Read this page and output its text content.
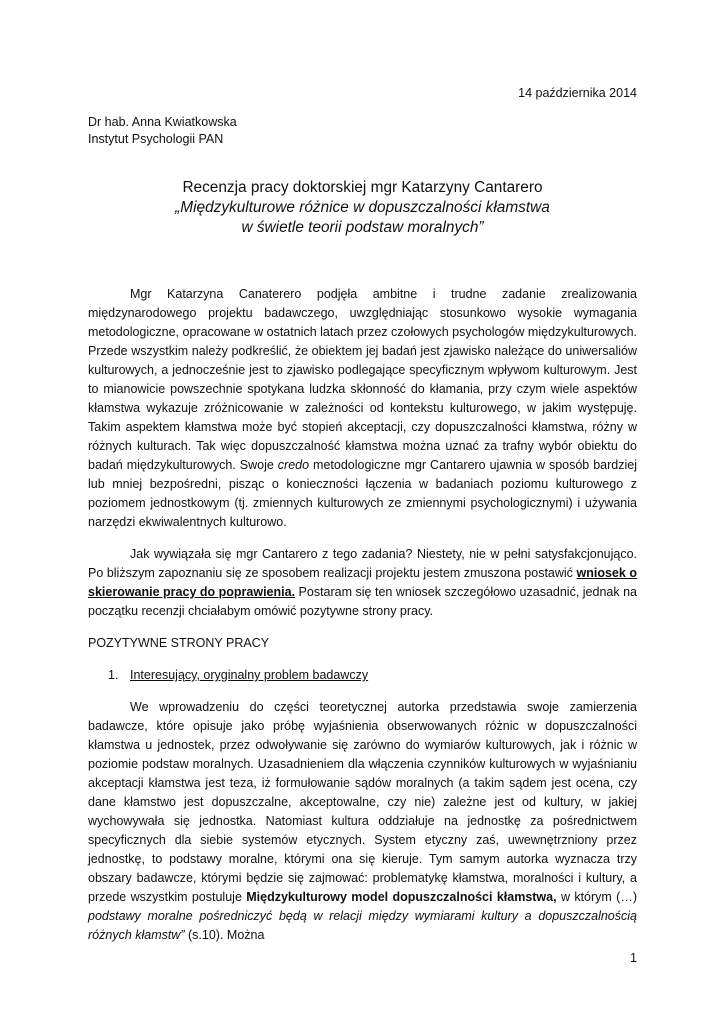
14 października 2014
Dr hab. Anna Kwiatkowska
Instytut Psychologii PAN
Recenzja pracy doktorskiej mgr Katarzyny Cantarero
„Międzykulturowe różnice w dopuszczalności kłamstwa
w świetle teorii podstaw moralnych”

Mgr Katarzyna Canaterero podjęła ambitne i trudne zadanie zrealizowania międzynarodowego projektu badawczego, uwzględniając stosunkowo wysokie wymagania metodologiczne, opracowane w ostatnich latach przez czołowych psychologów międzykulturowych. Przede wszystkim należy podkreślić, że obiektem jej badań jest zjawisko należące do uniwersaliów kulturowych, a jednocześnie jest to zjawisko podlegające specyficznym wpływom kulturowym. Jest to mianowicie powszechnie spotykana ludzka skłonność do kłamania, przy czym wiele aspektów kłamstwa wykazuje zróżnicowanie w zależności od kontekstu kulturowego, w jakim występuję. Takim aspektem kłamstwa może być stopień akceptacji, czy dopuszczalności kłamstwa, różny w różnych kulturach. Tak więc dopuszczalność kłamstwa można uznać za trafny wybór obiektu do badań międzykulturowych. Swoje credo metodologiczne mgr Cantarero ujawnia w sposób bardziej lub mniej bezpośredni, pisząc o konieczności łączenia w badaniach poziomu kulturowego z poziomem jednostkowym (tj. zmiennych kulturowych ze zmiennymi psychologicznymi) i używania narzędzi ekwiwalentnych kulturowo.

Jak wywiązała się mgr Cantarero z tego zadania? Niestety, nie w pełni satysfakcjonująco. Po bliższym zapoznaniu się ze sposobem realizacji projektu jestem zmuszona postawić wniosek o skierowanie pracy do poprawienia. Postaram się ten wniosek szczegółowo uzasadnić, jednak na początku recenzji chciałabym omówić pozytywne strony pracy.

POZYTYWNE STRONY PRACY

1. Interesujący, oryginalny problem badawczy

We wprowadzeniu do części teoretycznej autorka przedstawia swoje zamierzenia badawcze, które opisuje jako próbę wyjaśnienia obserwowanych różnic w dopuszczalności kłamstwa u jednostek, przez odwoływanie się zarówno do wymiarów kulturowych, jak i różnic w poziomie podstaw moralnych. Uzasadnieniem dla włączenia czynników kulturowych w wyjaśnianiu akceptacji kłamstwa jest teza, iż formułowanie sądów moralnych (a takim sądem jest ocena, czy dane kłamstwo jest dopuszczalne, akceptowalne, czy nie) zależne jest od kultury, w jakiej wychowywała się jednostka. Natomiast kultura oddziałuje na jednostkę za pośrednictwem specyficznych dla siebie systemów etycznych. System etyczny zaś, uwewnętrzniony przez jednostkę, to podstawy moralne, którymi ona się kieruje. Tym samym autorka wyznacza trzy obszary badawcze, którymi będzie się zajmować: problematykę kłamstwa, moralności i kultury, a przede wszystkim postuluje Międzykulturowy model dopuszczalności kłamstwa, w którym (…) podstawy moralne pośredniczyć będą w relacji między wymiarami kultury a dopuszczalnością różnych kłamstw” (s.10). Można

1
